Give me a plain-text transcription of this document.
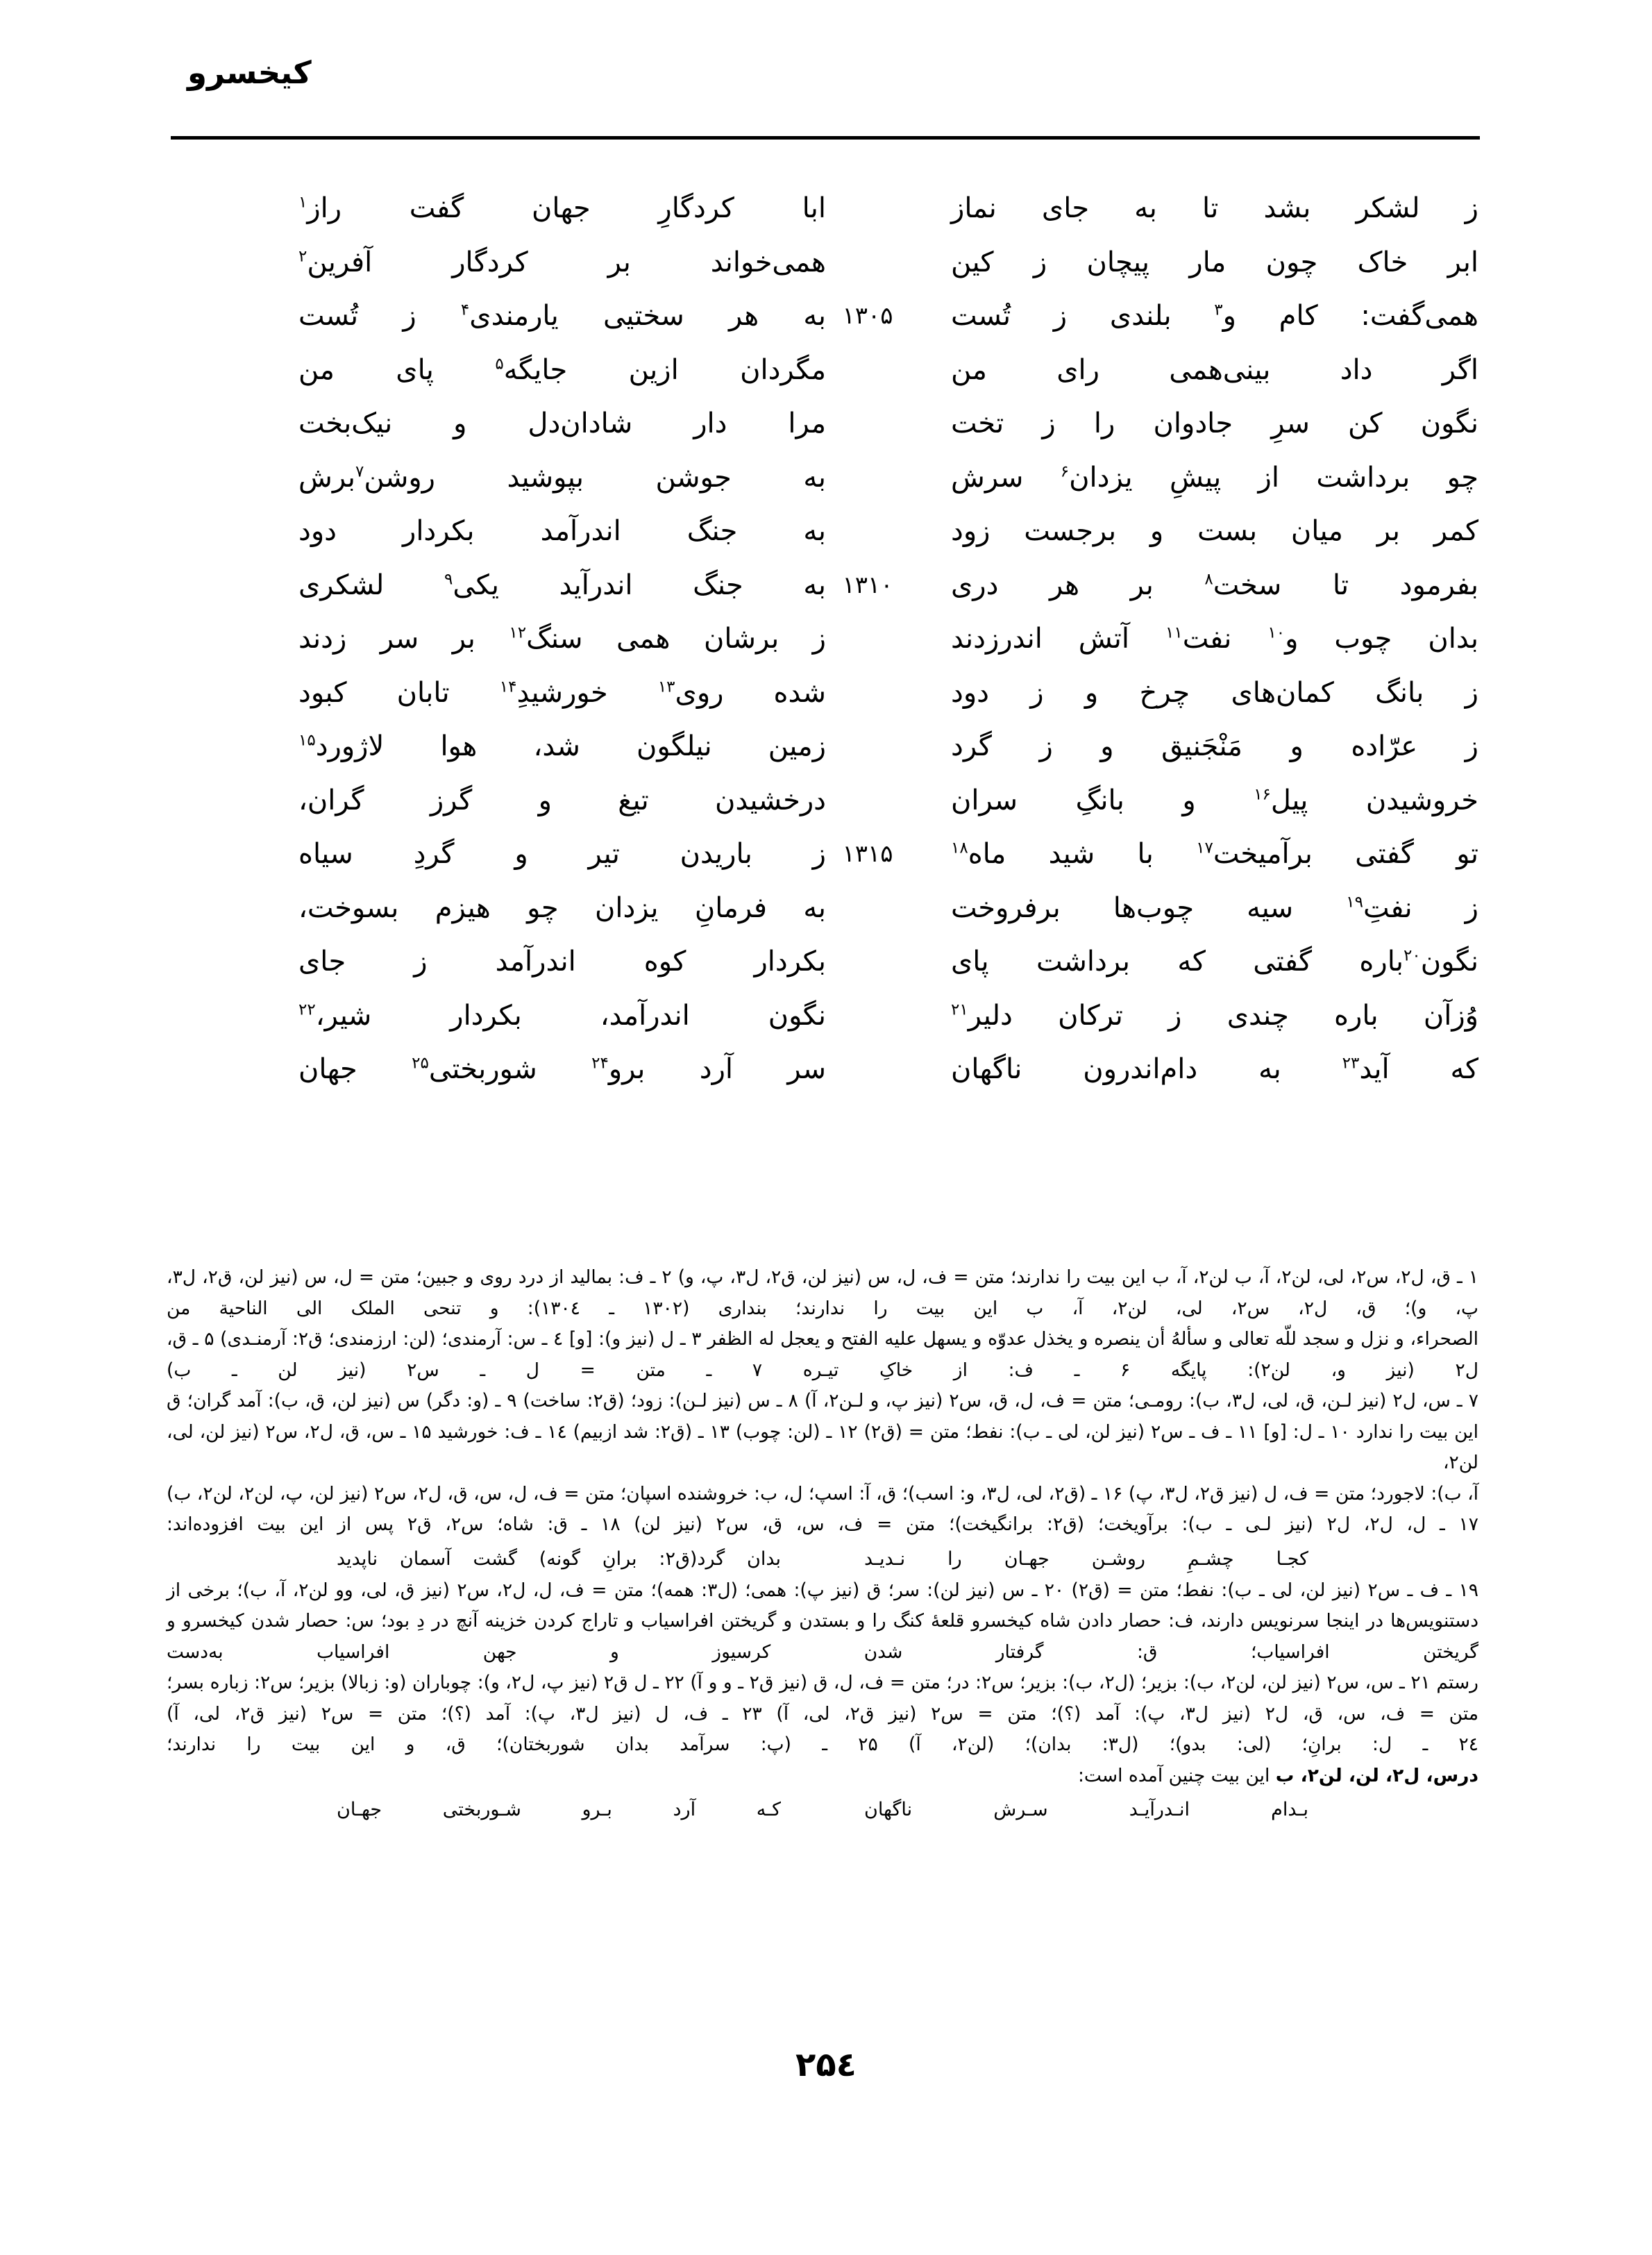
کیخسرو
ز لشکر بشد تا به جای نماز
ابا کردگارِ جهان گفت راز$^۱$
ابر خاک چون مار پیچان ز کین
همی‌خواند بر کردگار آفرین$^۲$
همی‌گفت: کام و$^۳$ بلندی ز تُست
۱۳۰۵
به هر سختیی یارمندی$^۴$ ز تُست
اگر داد بینی‌همی رای من
مگردان ازین جایگه$^۵$ پای من
نگون کن سرِ جادوان را ز تخت
مرا دار شادان‌دل و نیک‌بخت
چو برداشت از پیشِ یزدان$^۶$ سرش
به جوشن بپوشید روشن$^۷$برش
کمر بر میان بست و برجست زود
به جنگ اندرآمد بکردار دود
بفرمود تا سخت$^۸$ بر هر دری
۱۳۱۰
به جنگ اندرآید یکی$^۹$ لشکری
بدان چوب و$^{۱۰}$ نفت$^{۱۱}$ آتش اندرزدند
ز برشان همی سنگ$^{۱۲}$ بر سر زدند
ز بانگ کمان‌های چرخ و ز دود
شده روی$^{۱۳}$ خورشیدِ$^{۱۴}$ تابان کبود
ز عرّاده و مَنْجَنیق و ز گرد
زمین نیلگون شد، هوا لاژورد$^{۱۵}$
خروشیدن پیل$^{۱۶}$ و بانگِ سران
درخشیدن تیغ و گرز گران،
تو گفتی برآمیخت$^{۱۷}$ با شید ماه$^{۱۸}$
۱۳۱۵
ز باریدن تیر و گردِ سیاه
ز نفتِ$^{۱۹}$ سیه چوب‌ها برفروخت
به فرمانِ یزدان چو هیزم بسوخت،
نگون$^{۲۰}$باره گفتی که برداشت پای
بکردار کوه اندرآمد ز جای
وُزآن باره چندی ز ترکان دلیر$^{۲۱}$
نگون اندرآمد، بکردار شیر،$^{۲۲}$
که آید$^{۲۳}$ به دام‌اندرون ناگهان
سر آرد برو$^{۲۴}$ شوربختی$^{۲۵}$ جهان

۱ ـ ق، ل۲، س۲، لی، لن۲، آ، ب لن۲، آ، ب این بیت را ندارند؛ متن = ف، ل، س (نیز لن، ق۲، ل۳، پ، و) ۲ ـ ف: بمالید از درد روی و جبین؛ متن = ل، س (نیز لن، ق۲، ل۳، پ، و)؛ ق، ل۲، س۲، لی، لن۲، آ، ب این بیت را ندارند؛ بنداری (۱۳۰۲ ـ ۱۳۰٤): و تنحی الملک الی الناحیة من

الصحراء، و نزل و سجد للّه تعالی و سألهُ أن ینصره و یخذل عدوّه و یسهل علیه الفتح و یعجل له الظفر ۳ ـ ل (نیز و): [و] ٤ ـ س: آرمندی؛ (لن: ارزمندی؛ ق۲: آرمنـدی) ۵ ـ ق، ل۲ (نیز و، لن۲): پایگه ۶ ـ ف: از خاکِ تیـره ۷ ـ متن = ل ـ س۲ (نیز لن ـ ب)

۷ ـ س، ل۲ (نیز لـن، ق، لی، ل۳، ب): رومـی؛ متن = ف، ل، ق، س۲ (نیز پ، و لـن۲، آ) ۸ ـ س (نیز لـن): زود؛ (ق۲: ساخت) ۹ ـ (و: دگر) س (نیز لن، ق، ب): آمد گران؛ ق این بیت را ندارد ۱۰ ـ ل: [و] ۱۱ ـ ف ـ س۲ (نیز لن، لی ـ ب): نفط؛ متن = (ق۲) ۱۲ ـ (لن: چوب) ۱۳ ـ (ق۲: شد ازبیم) ۱٤ ـ ف: خورشید ۱۵ ـ س، ق، ل۲، س۲ (نیز لن، لی، لن۲،

آ، ب): لاجورد؛ متن = ف، ل (نیز ق۲، ل۳، پ) ۱۶ ـ (ق۲، لی، ل۳، و: اسب)؛ ق، آ: اسپ؛ ل، ب: خروشنده اسپان؛ متن = ف، ل، س، ق، ل۲، س۲ (نیز لن، پ، لن۲، لن۲، ب) ۱۷ ـ ل، ل۲، ل۲ (نیز لـی ـ ب): برآویخت؛ (ق۲: برانگیخت)؛ متن = ف، س، ق، س۲ (نیز لن) ۱۸ ـ ق: شاه؛ س۲، ق۲ پس از این بیت افزوده‌اند:

کجـا چشـمِ روشـن جهـان را نـدیـد
بدان گرد(ق۲: برانِ گونه) گشت آسمان ناپدید

۱۹ ـ ف ـ س۲ (نیز لن، لی ـ ب): نفط؛ متن = (ق۲) ۲۰ ـ س (نیز لن): سر؛ ق (نیز پ): همی؛ (ل۳: همه)؛ متن = ف، ل، ل۲، س۲ (نیز ق، لی، وو لن۲، آ، ب)؛ برخی از دستنویس‌ها در اینجا سرنویس دارند، ف: حصار دادن شاه کیخسرو قلعهٔ کنگ را و بستدن و گریختن افراسیاب و تاراج کردن خزینه آنچ در دِ بود؛ س: حصار شدن کیخسرو و گریختن افراسیاب؛ ق: گرفتار شدن کرسیوز و جهن افراسیاب به‌دست

رستم ۲۱ ـ س، س۲ (نیز لن، لن۲، ب): بزیر؛ (ل۲، ب): بزیر؛ س۲: در؛ متن = ف، ل، ق (نیز ق۲ ـ و و آ) ۲۲ ـ ل ق۲ (نیز پ، ل۲، و): چوباران (و: زبالا) بزیر؛ س۲: زباره بسر؛ متن = ف، س، ق، ل۲ (نیز ل۳، پ): آمد (؟)؛ متن = س۲ (نیز ق۲، لی، آ) ۲۳ ـ ف، ل (نیز ل۳، پ): آمد (؟)؛ متن = س۲ (نیز ق۲، لی، آ)

۲٤ ـ ل: برانِ؛ (لی: بدو)؛ (ل۳: بدان)؛ (لن۲، آ) ۲۵ ـ (پ: سرآمد بدان شوربختان)؛ ق، و این بیت را ندارند؛

درس، ل۲، لن، لن۲، ب این بیت چنین آمده است:

بـدام انـدرآیـد سـرش ناگهان
کـه آرد بـرو شـوربختی جهـان
۲۵٤
